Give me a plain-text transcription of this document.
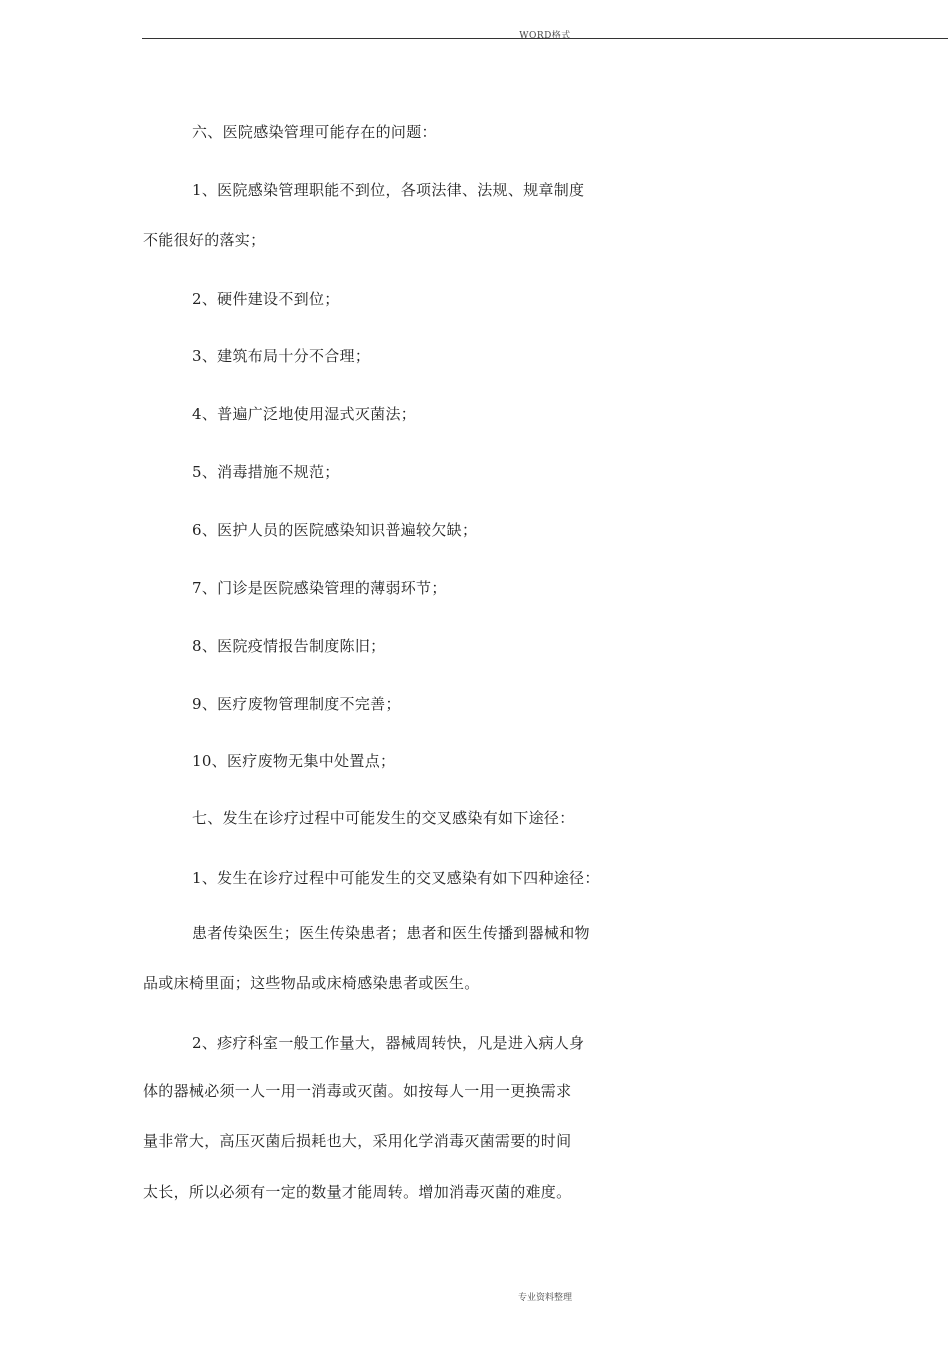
WORD格式
六、医院感染管理可能存在的问题：
1、医院感染管理职能不到位，各项法律、法规、规章制度
不能很好的落实；
2、硬件建设不到位；
3、建筑布局十分不合理；
4、普遍广泛地使用湿式灭菌法；
5、消毒措施不规范；
6、医护人员的医院感染知识普遍较欠缺；
7、门诊是医院感染管理的薄弱环节；
8、医院疫情报告制度陈旧；
9、医疗废物管理制度不完善；
10、医疗废物无集中处置点；
七、发生在诊疗过程中可能发生的交叉感染有如下途径：
1、发生在诊疗过程中可能发生的交叉感染有如下四种途径：
患者传染医生；医生传染患者；患者和医生传播到器械和物
品或床椅里面；这些物品或床椅感染患者或医生。
2、疹疗科室一般工作量大，器械周转快，凡是进入病人身
体的器械必须一人一用一消毒或灭菌。如按每人一用一更换需求
量非常大，高压灭菌后损耗也大，采用化学消毒灭菌需要的时间
太长，所以必须有一定的数量才能周转。增加消毒灭菌的难度。
专业资料整理
